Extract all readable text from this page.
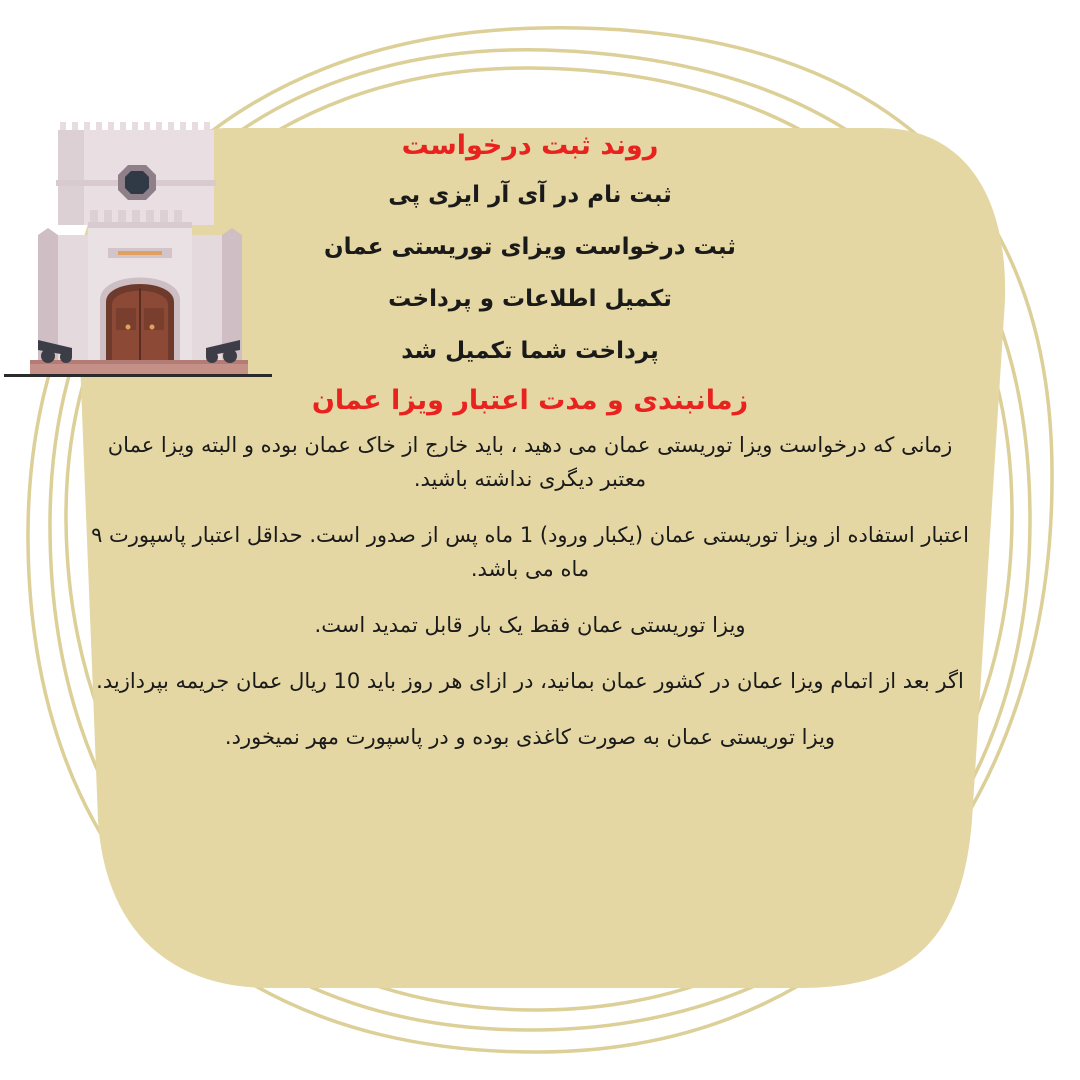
روند ثبت درخواست

ثبت نام در آی آر ایزی پی

ثبت درخواست ویزای توریستی عمان

تکمیل اطلاعات و پرداخت

پرداخت شما تکمیل شد

زمانبندی و مدت اعتبار ویزا عمان

زمانی که درخواست ویزا توریستی عمان می دهید ، باید خارج از خاک عمان بوده و البته ویزا عمان معتبر دیگری نداشته باشید.

اعتبار استفاده از ویزا توریستی عمان (یکبار ورود) 1 ماه پس از صدور است. حداقل اعتبار پاسپورت ۹ ماه می باشد.

ویزا توریستی عمان فقط یک بار قابل تمدید است.

اگر بعد از اتمام ویزا عمان در کشور عمان بمانید، در ازای هر روز باید 10 ریال عمان جریمه بپردازید.

ویزا توریستی عمان به صورت کاغذی بوده و در پاسپورت مهر نمیخورد.
